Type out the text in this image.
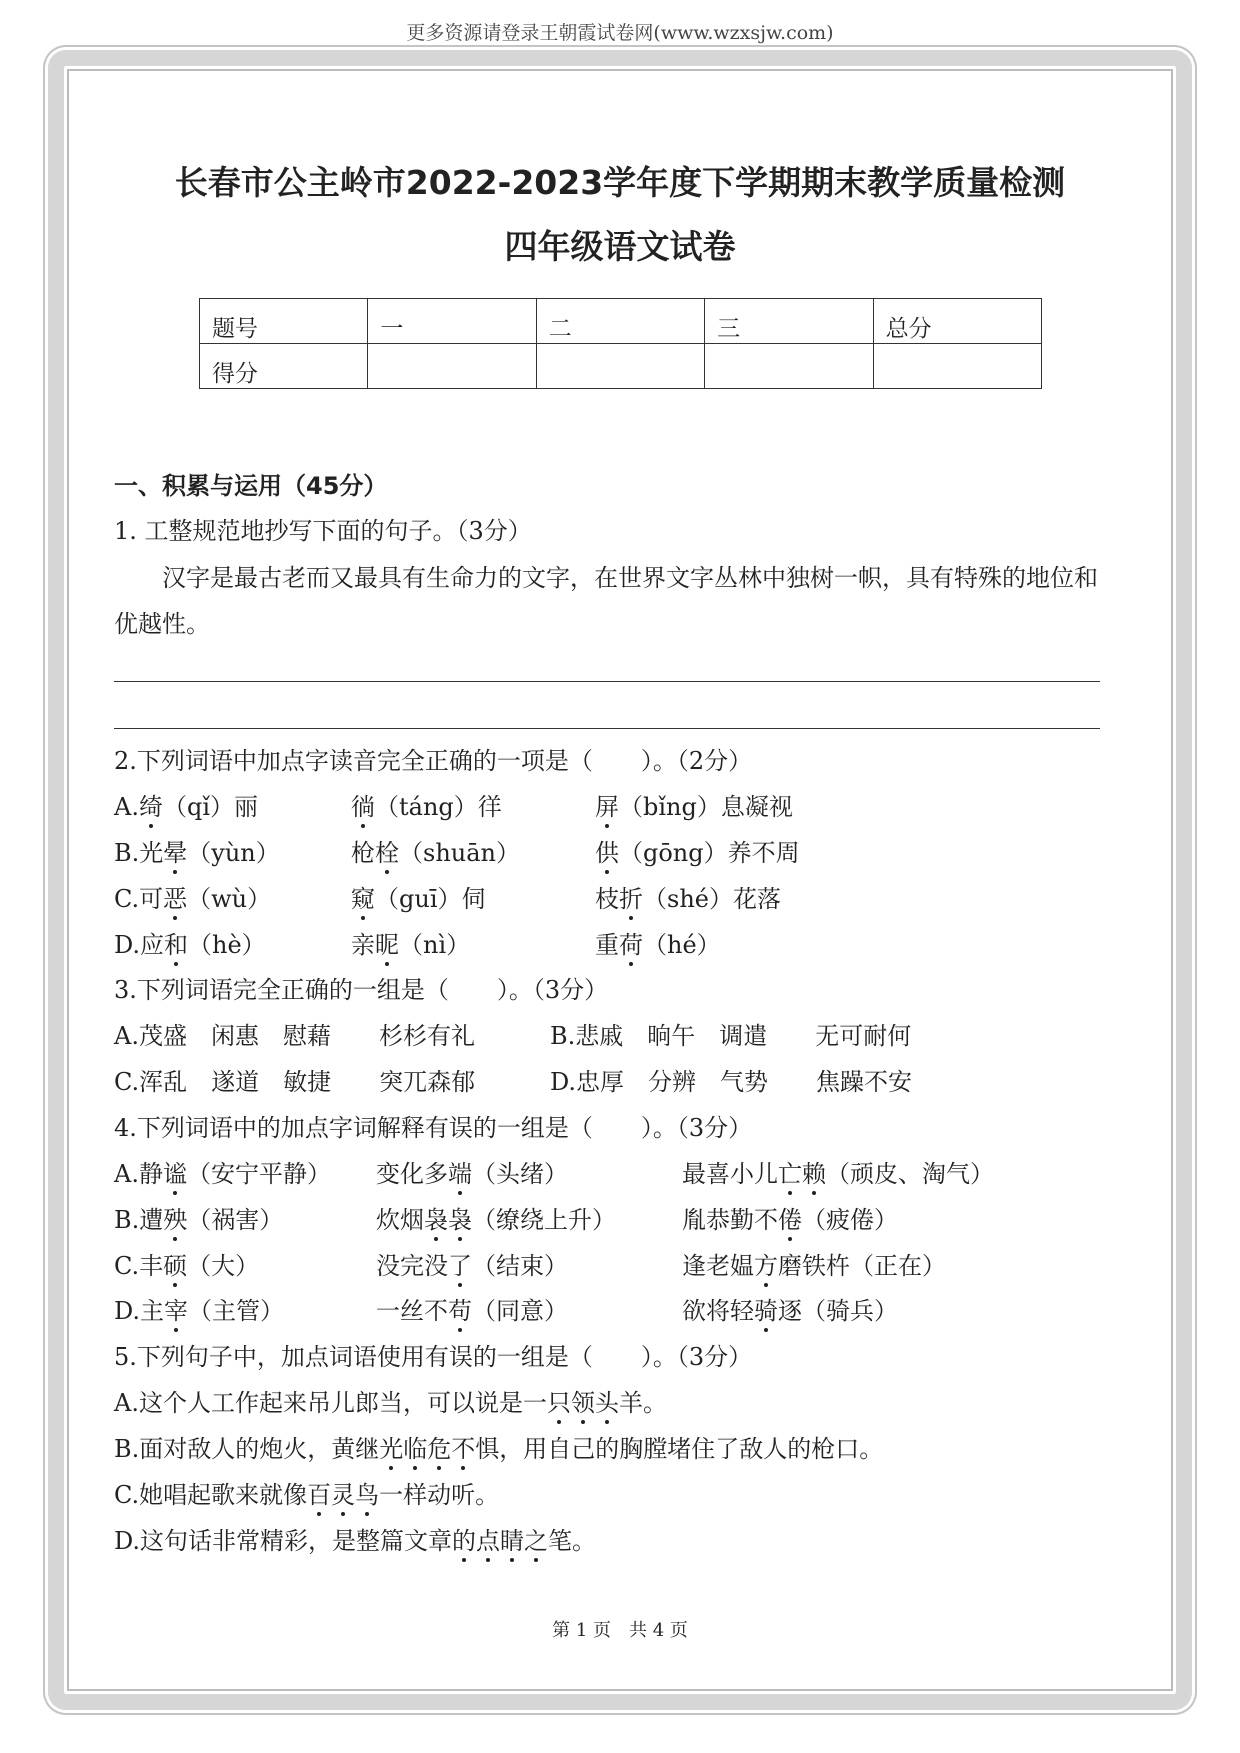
更多资源请登录王朝霞试卷网(www.wzxsjw.com)
长春市公主岭市2022-2023学年度下学期期末教学质量检测
四年级语文试卷
题号	一	二	三	总分
得分				
一、积累与运用（45分）
1. 工整规范地抄写下面的句子。（3分）
汉字是最古老而又最具有生命力的文字，在世界文字丛林中独树一帜，具有特殊的地位和
优越性。
2.下列词语中加点字读音完全正确的一项是（　　）。（2分）
A.绮（qǐ）丽	徜（táng）徉	屏（bǐng）息凝视
B.光晕（yùn）	枪栓（shuān）	供（gōng）养不周
C.可恶（wù）	窥（guī）伺	枝折（shé）花落
D.应和（hè）	亲昵（nì）	重荷（hé）
3.下列词语完全正确的一组是（　　）。（3分）
A.茂盛　闲惠　慰藉　　杉杉有礼	B.悲戚　晌午　调遣　　无可耐何
C.浑乱　遂道　敏捷　　突兀森郁	D.忠厚　分辨　气势　　焦躁不安
4.下列词语中的加点字词解释有误的一组是（　　）。（3分）
A.静谧（安宁平静） 变化多端（头绪）	最喜小儿亡赖（顽皮、淘气）
B.遭殃（祸害）	炊烟袅袅（缭绕上升）	胤恭勤不倦（疲倦）
C.丰硕（大）	没完没了（结束）	逢老媪方磨铁杵（正在）
D.主宰（主管）	一丝不苟（同意）	欲将轻骑逐（骑兵）
5.下列句子中，加点词语使用有误的一组是（　　）。（3分）
A.这个人工作起来吊儿郎当，可以说是一只领头羊。
B.面对敌人的炮火，黄继光临危不惧，用自己的胸膛堵住了敌人的枪口。
C.她唱起歌来就像百灵鸟一样动听。
D.这句话非常精彩，是整篇文章的点睛之笔。
第 1 页　共 4 页
